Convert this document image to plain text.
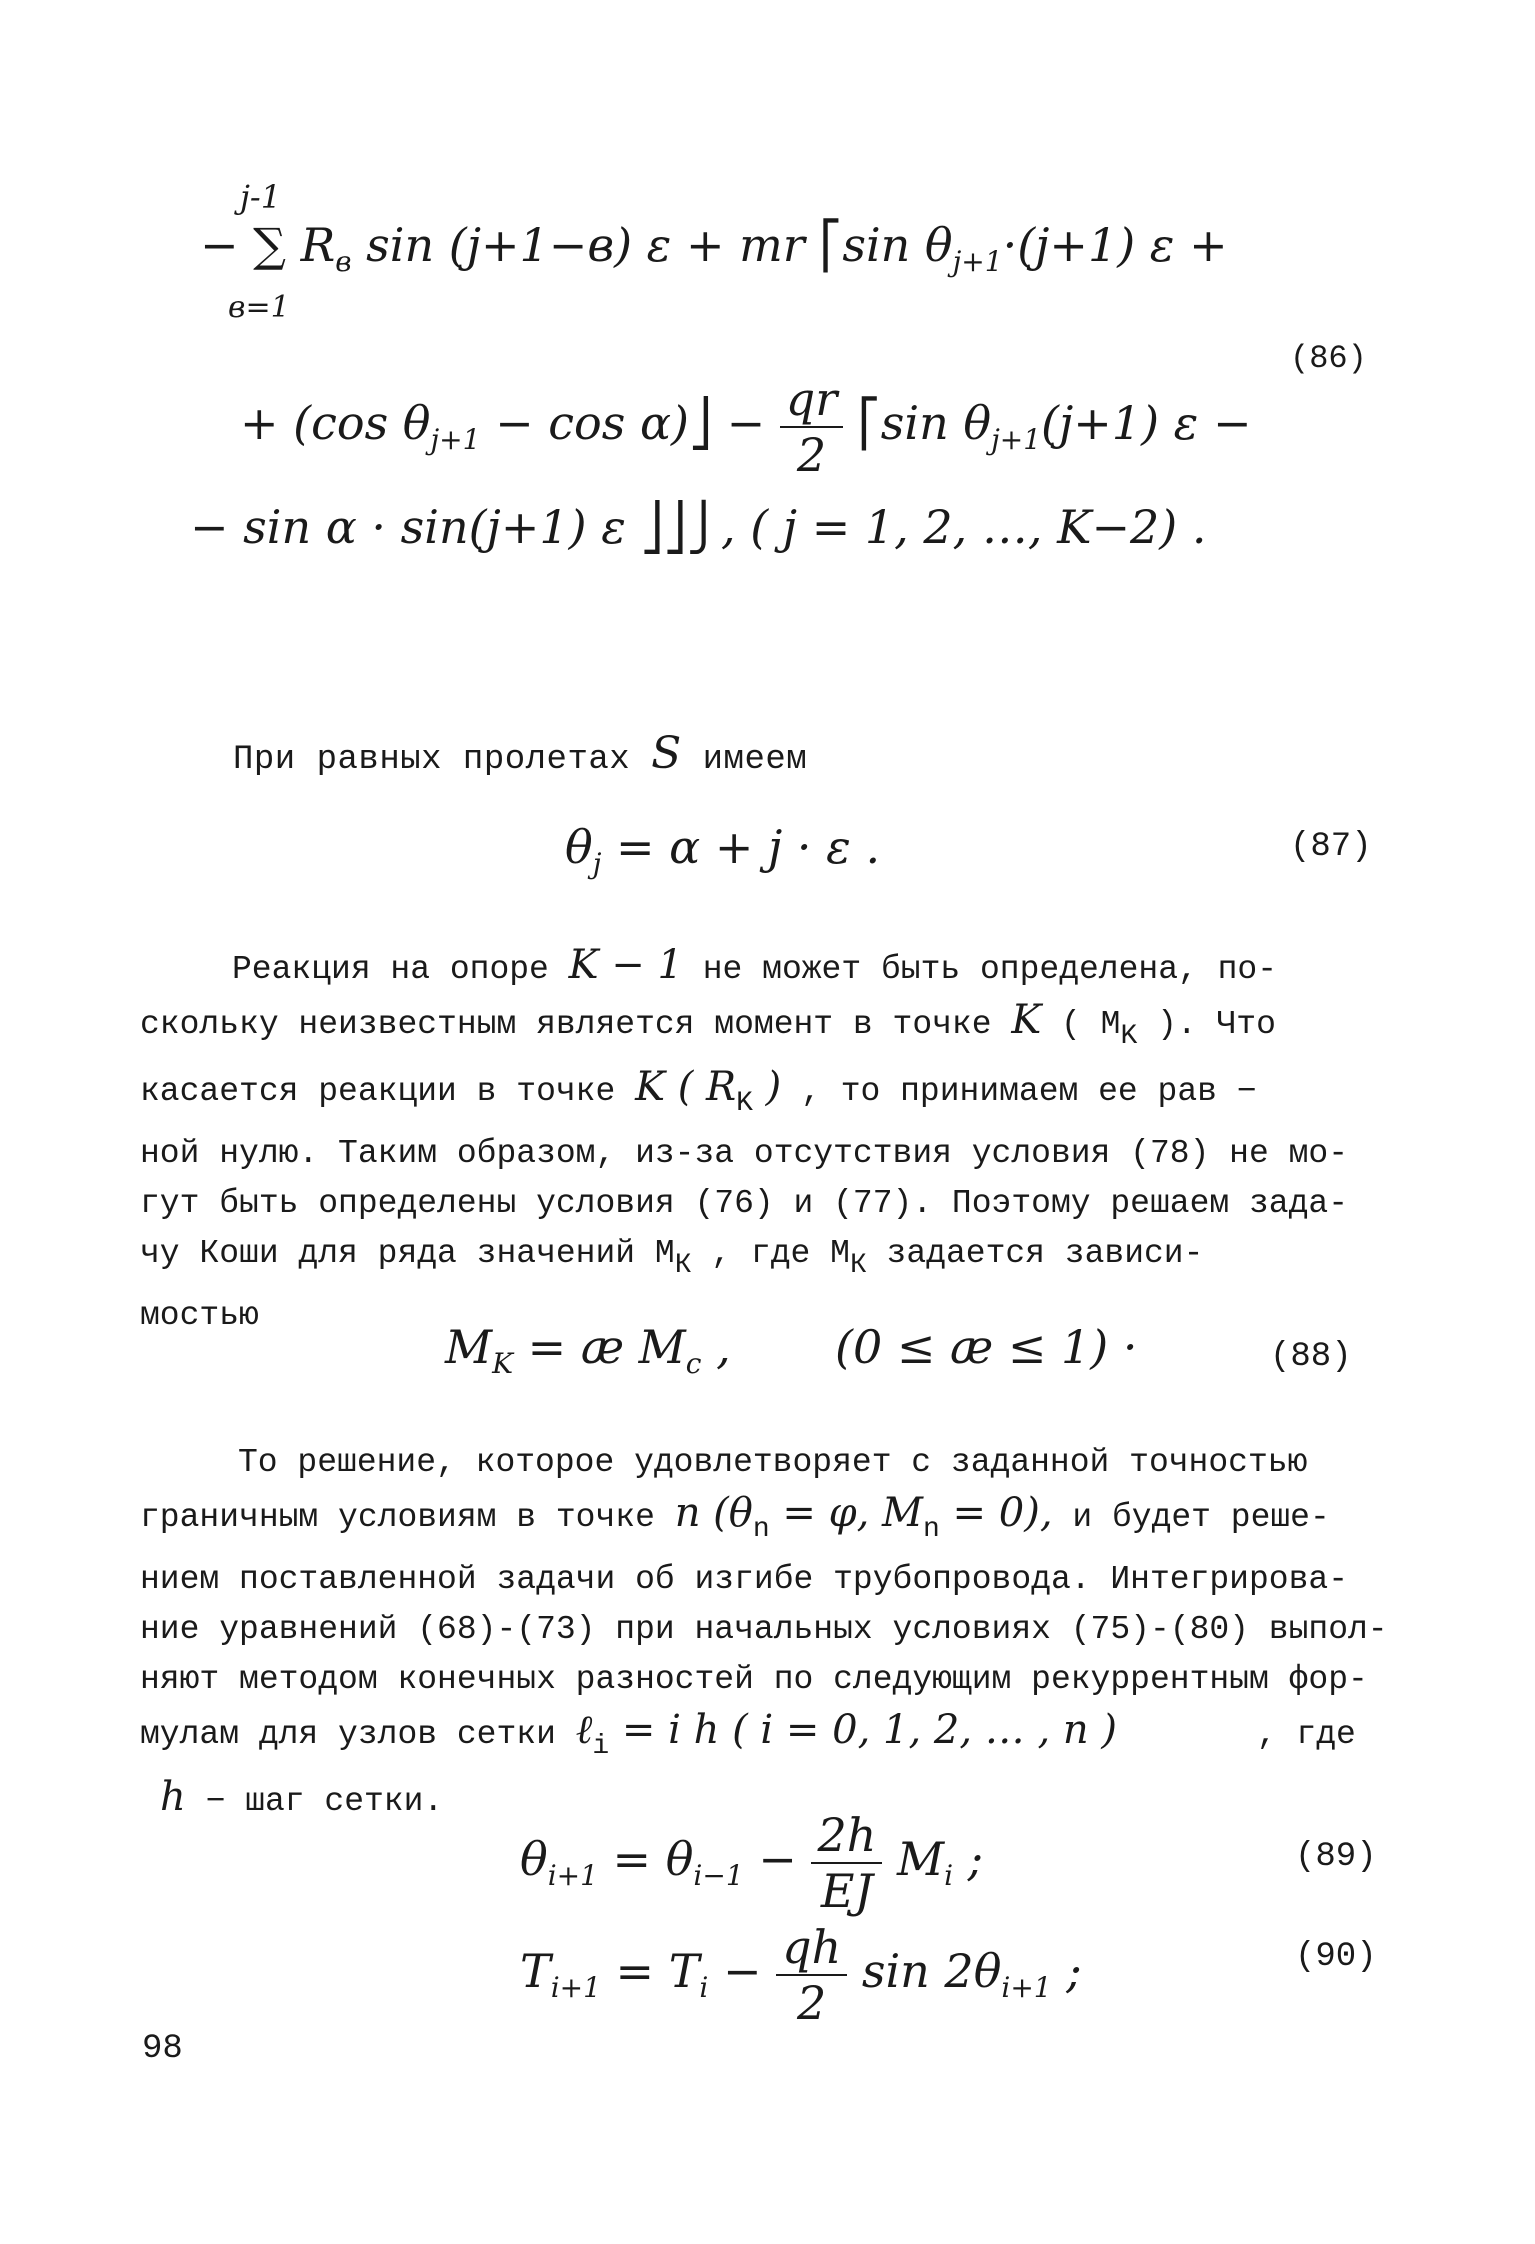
j-1
в=1
− ∑ $R_в$ sin (j+1−в) ε + mr ⎡sin $\theta_{j+1}\cdot(j+1) \varepsilon$ +
+ (cos $\theta_{j+1} - \cos$ α)⎦ − $\frac{qr}{2}$ ⎡sin $\theta_{j+1}(j+1) \varepsilon$ −
(86)
− sin α · sin(j+1) ε ⎦⎦⎭, ( j = 1, 2, …, K−2) .
При равных пролетах S имеем
$\theta_j = \alpha + j \cdot \varepsilon$ .	(87)
Реакция на опоре K − 1 не может быть определена, по-
скольку неизвестным является момент в точке K ( $M_K$ ). Что
касается реакции в точке K ( $R_K$ ) , то принимаем ее рав −
ной нулю. Таким образом, из-за отсутствия условия (78) не мо-
гут быть определены условия (76) и (77). Поэтому решаем зада-
чу Коши для ряда значений $М_К$ , где $М_К$ задается зависи-
мостью
$M_K$ = æ $M_c$ , (0 ≤ æ ≤ 1) ·	(88)
То решение, которое удовлетворяет с заданной точностью
граничным условиям в точке n ($\theta_n = \varphi$, $M_n = 0$), и будет реше-
нием поставленной задачи об изгибе трубопровода. Интегрирова-
ние уравнений (68)-(73) при начальных условиях (75)-(80) выпол-
няют методом конечных разностей по следующим рекуррентным фор-
мулам для узлов сетки ℓ$_i$ = i h ( i = 0, 1, 2, … , n )	, где
h − шаг сетки.
$\theta_{i+1} = \theta_{i-1} - \frac{2h}{EJ} M_i$ ;	(89)
$T_{i+1} = T_i - \frac{qh}{2}$ $\sin 2\theta_{i+1}$ ;	(90)
98
